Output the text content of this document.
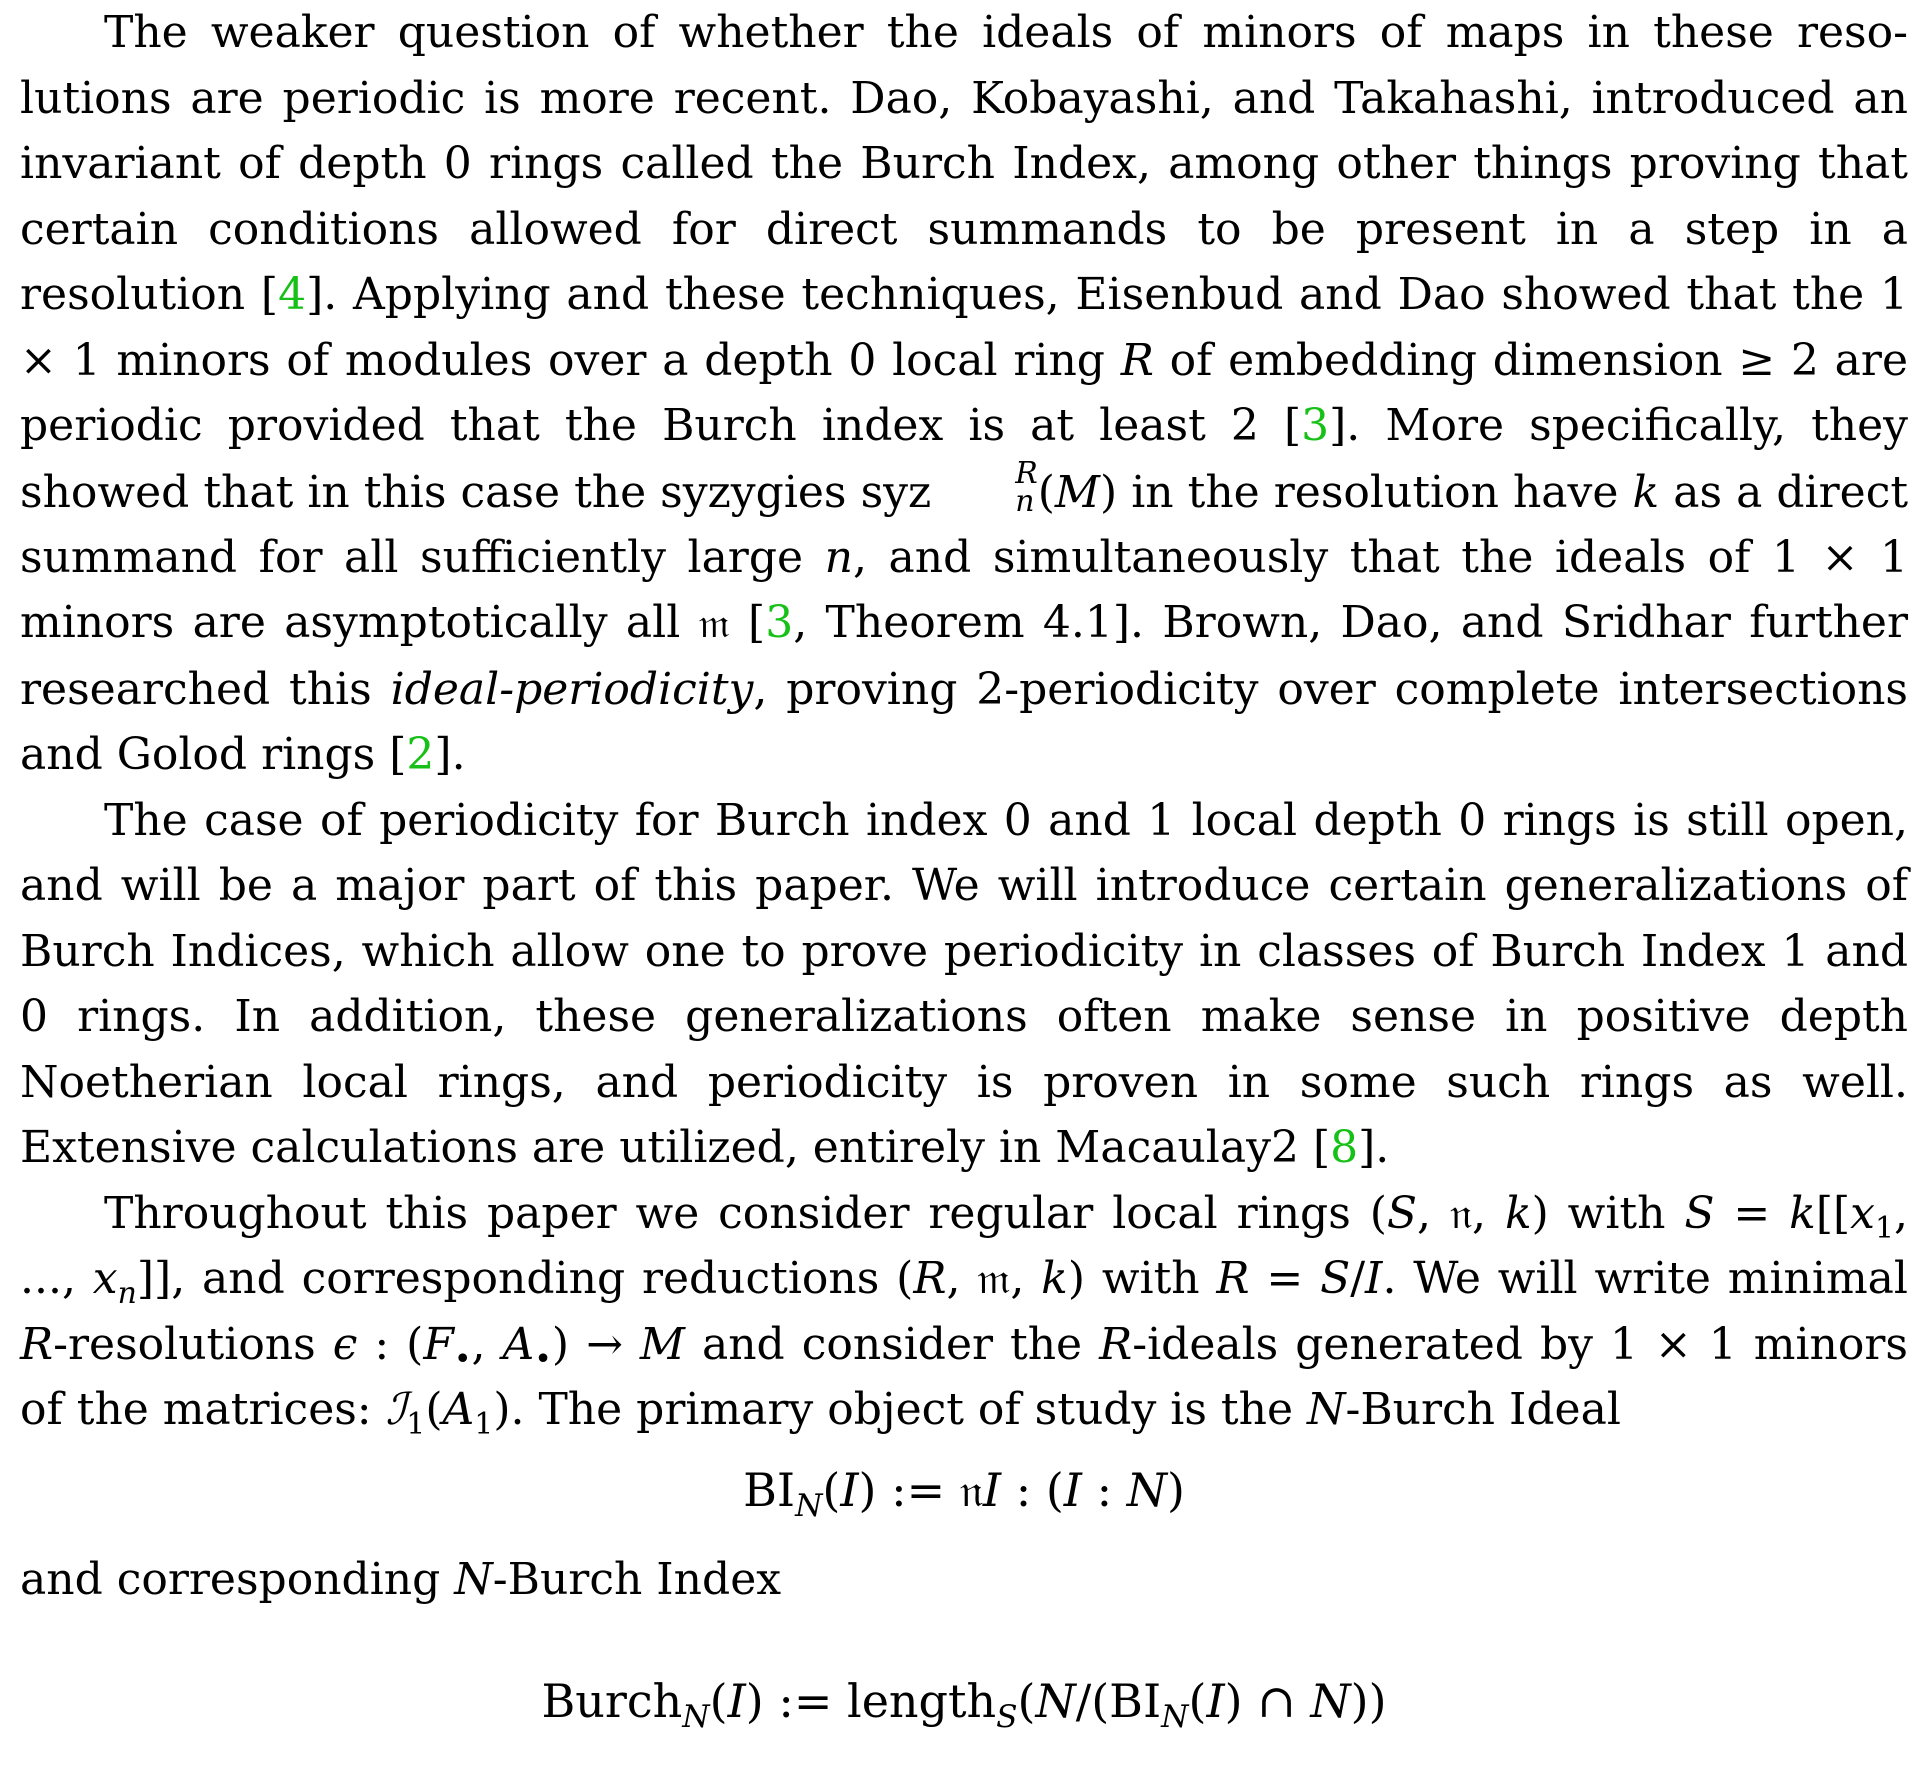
The weaker question of whether the ideals of minors of maps in these resolutions are periodic is more recent. Dao, Kobayashi, and Takahashi, introduced an invariant of depth 0 rings called the Burch Index, among other things proving that certain conditions allowed for direct summands to be present in a step in a resolution [4]. Applying and these techniques, Eisenbud and Dao showed that the 1 × 1 minors of modules over a depth 0 local ring R of embedding dimension ≥ 2 are periodic provided that the Burch index is at least 2 [3]. More specifically, they showed that in this case the syzygies syz	R
n (M) in the resolution have k as a direct summand for all sufficiently large n, and simultaneously that the ideals of 1 × 1 minors are asymptotically all 𝔪 [3, Theorem 4.1]. Brown, Dao, and Sridhar further researched this ideal-periodicity, proving 2-periodicity over complete intersections and Golod rings [2].

The case of periodicity for Burch index 0 and 1 local depth 0 rings is still open, and will be a major part of this paper. We will introduce certain generalizations of Burch Indices, which allow one to prove periodicity in classes of Burch Index 1 and 0 rings. In addition, these generalizations often make sense in positive depth Noetherian local rings, and periodicity is proven in some such rings as well. Extensive calculations are utilized, entirely in Macaulay2 [8].

Throughout this paper we consider regular local rings (S, 𝔫, k) with $S = k[[x_1$, ..., $x_n$]], and corresponding reductions (R, 𝔪, k) with R = S/I. We will write minimal R-resolutions ϵ : ($F_•$, $A_•) \to M$ and consider the R-ideals generated by 1 × 1 minors of the matrices: $ℐ_1(A_1)$. The primary object of study is the N-Burch Ideal

$BI_N(I)$ := 𝔫I : (I : N)

and corresponding N-Burch Index

Burch$_N$(I) := $length_S(N/(BI_N(I)$ ∩ N))
